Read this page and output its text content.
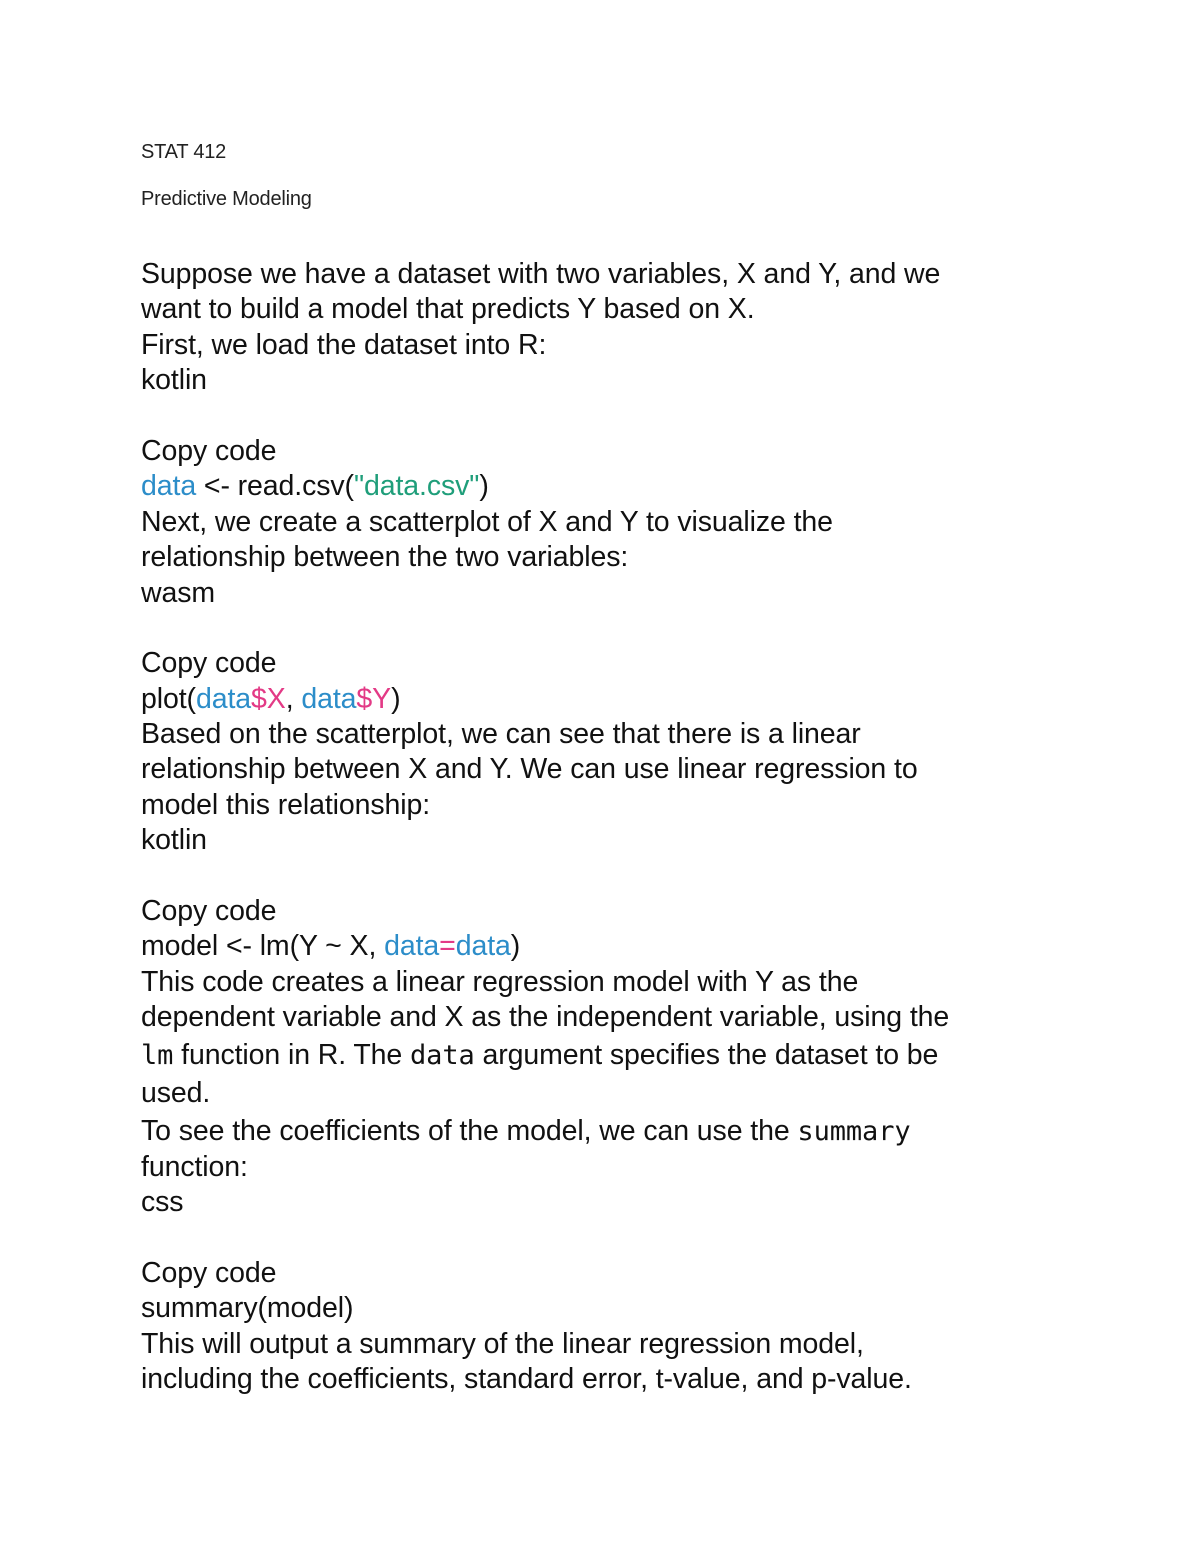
STAT 412
Predictive Modeling
Suppose we have a dataset with two variables, X and Y, and we
want to build a model that predicts Y based on X.
First, we load the dataset into R:
kotlin
Copy code
data <- read.csv("data.csv")
Next, we create a scatterplot of X and Y to visualize the
relationship between the two variables:
wasm
Copy code
plot(data$X, data$Y)
Based on the scatterplot, we can see that there is a linear
relationship between X and Y. We can use linear regression to
model this relationship:
kotlin
Copy code
model <- lm(Y ~ X, data=data)
This code creates a linear regression model with Y as the
dependent variable and X as the independent variable, using the
lm function in R. The data argument specifies the dataset to be
used.
To see the coefficients of the model, we can use the summary
function:
css
Copy code
summary(model)
This will output a summary of the linear regression model,
including the coefficients, standard error, t-value, and p-value.
